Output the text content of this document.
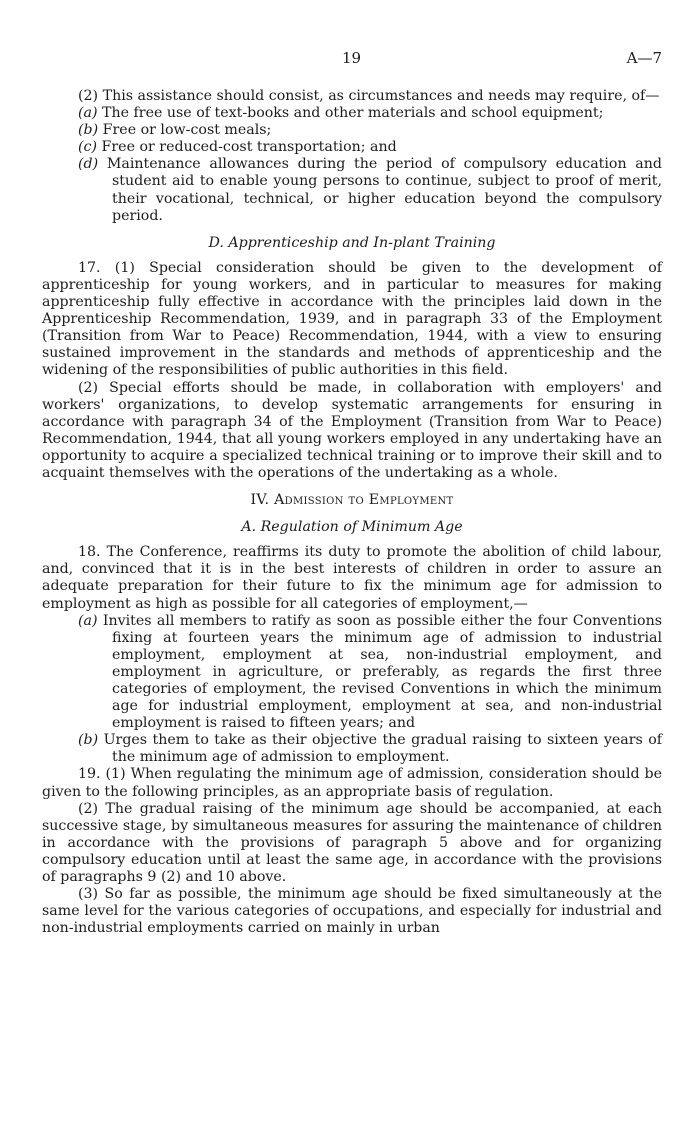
19	A—7

(2) This assistance should consist, as circumstances and needs may require, of—

(a) The free use of text-books and other materials and school equipment;

(b) Free or low-cost meals;

(c) Free or reduced-cost transportation; and

(d) Maintenance allowances during the period of compulsory education and student aid to enable young persons to continue, subject to proof of merit, their vocational, technical, or higher education beyond the compulsory period.

D. Apprenticeship and In-plant Training

17. (1) Special consideration should be given to the development of apprenticeship for young workers, and in particular to measures for making apprenticeship fully effective in accordance with the principles laid down in the Apprenticeship Recommendation, 1939, and in paragraph 33 of the Employment (Transition from War to Peace) Recommendation, 1944, with a view to ensuring sustained improvement in the standards and methods of apprenticeship and the widening of the responsibilities of public authorities in this field.

(2) Special efforts should be made, in collaboration with employers' and workers' organizations, to develop systematic arrangements for ensuring in accordance with paragraph 34 of the Employment (Transition from War to Peace) Recommendation, 1944, that all young workers employed in any undertaking have an opportunity to acquire a specialized technical training or to improve their skill and to acquaint themselves with the operations of the undertaking as a whole.

IV. Admission to Employment
A. Regulation of Minimum Age

18. The Conference, reaffirms its duty to promote the abolition of child labour, and, convinced that it is in the best interests of children in order to assure an adequate preparation for their future to fix the minimum age for admission to employment as high as possible for all categories of employment,—

(a) Invites all members to ratify as soon as possible either the four Conventions fixing at fourteen years the minimum age of admission to industrial employment, employment at sea, non-industrial employment, and employment in agriculture, or preferably, as regards the first three categories of employment, the revised Conventions in which the minimum age for industrial employment, employment at sea, and non-industrial employment is raised to fifteen years; and

(b) Urges them to take as their objective the gradual raising to sixteen years of the minimum age of admission to employment.

19. (1) When regulating the minimum age of admission, consideration should be given to the following principles, as an appropriate basis of regulation.

(2) The gradual raising of the minimum age should be accompanied, at each successive stage, by simultaneous measures for assuring the maintenance of children in accordance with the provisions of paragraph 5 above and for organizing compulsory education until at least the same age, in accordance with the provisions of paragraphs 9 (2) and 10 above.

(3) So far as possible, the minimum age should be fixed simultaneously at the same level for the various categories of occupations, and especially for industrial and non-industrial employments carried on mainly in urban
